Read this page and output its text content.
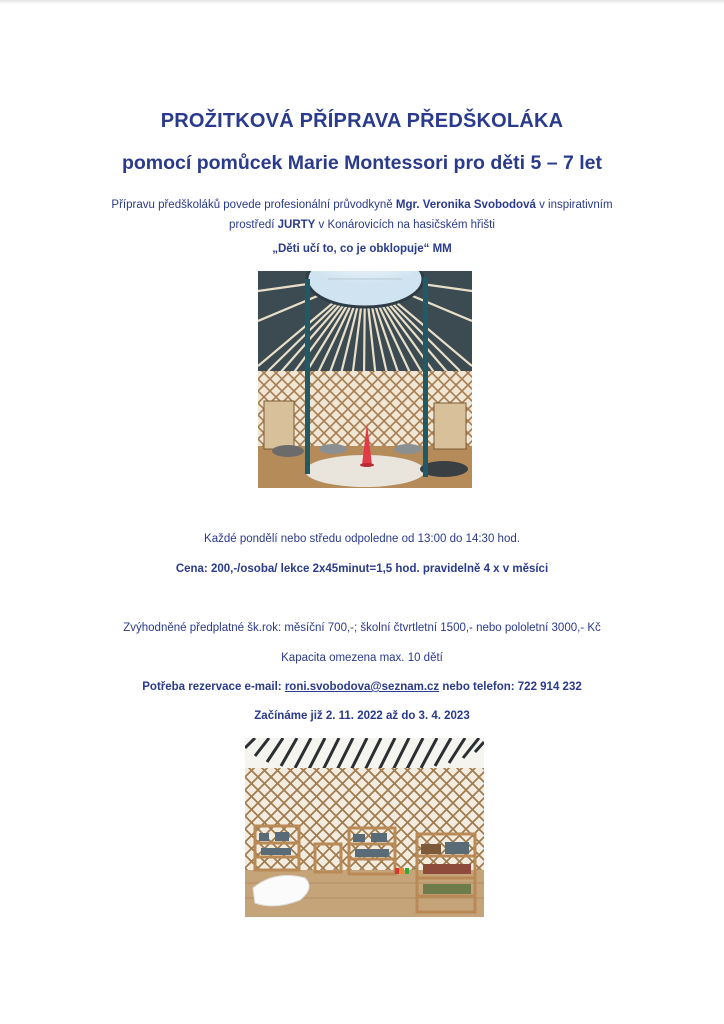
PROŽITKOVÁ PŘÍPRAVA PŘEDŠKOLÁKA
pomocí pomůcek Marie Montessori pro děti 5 – 7 let
Přípravu předškoláků povede profesionální průvodkyně Mgr. Veronika Svobodová v inspirativním
prostředí JURTY v Konárovicích na hasičském hřišti
„Děti učí to, co je obklopuje“ MM
Každé pondělí nebo středu odpoledne od 13:00 do 14:30 hod.
Cena: 200,-/osoba/ lekce 2x45minut=1,5 hod. pravidelně 4 x v měsíci
Zvýhodněné předplatné šk.rok: měsíční 700,-; školní čtvrtletní 1500,- nebo pololetní 3000,- Kč
Kapacita omezena max. 10 dětí
Potřeba rezervace e-mail: roni.svobodova@seznam.cz nebo telefon: 722 914 232
Začínáme již 2. 11. 2022 až do 3. 4. 2023
